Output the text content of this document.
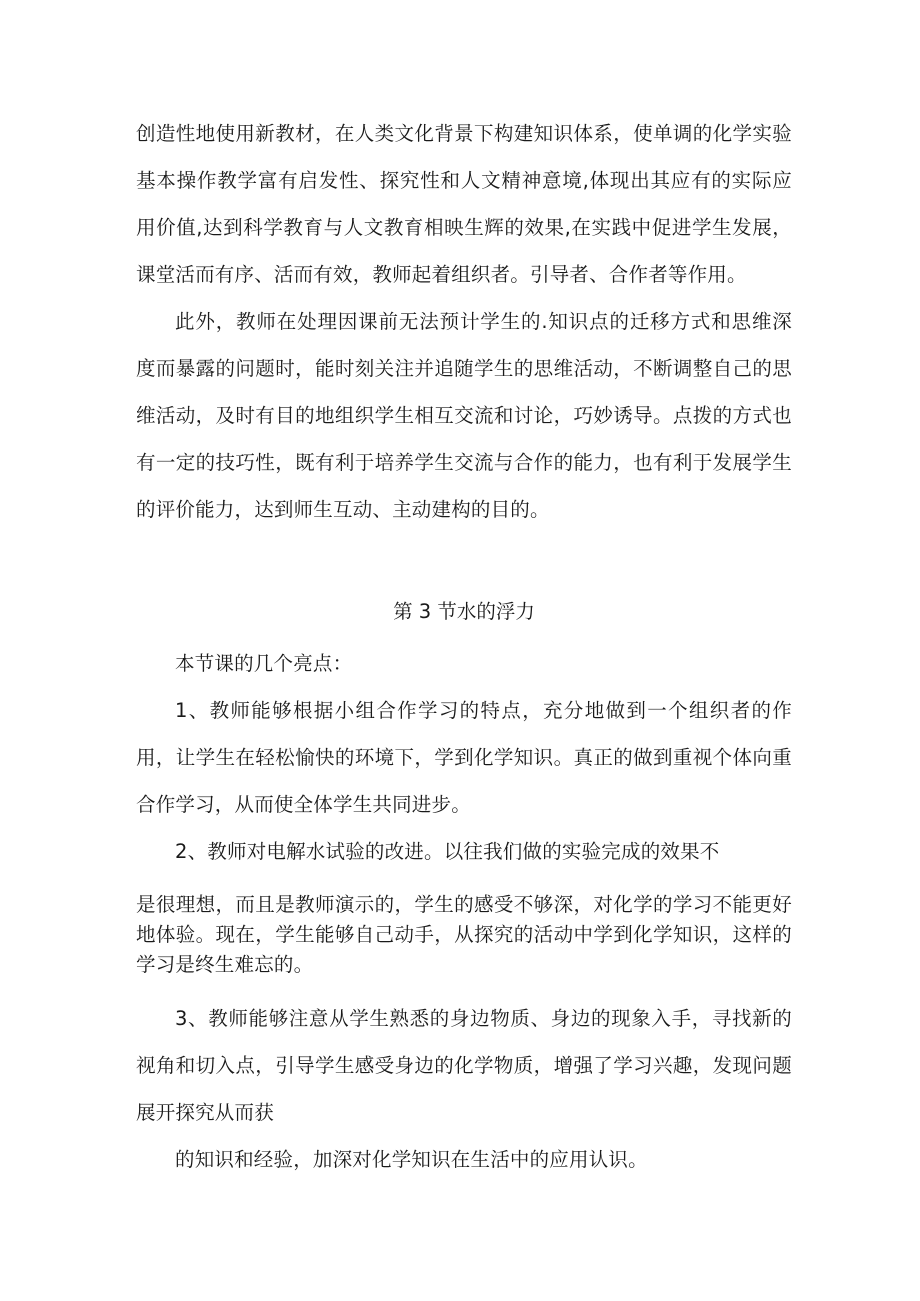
创造性地使用新教材，在人类文化背景下构建知识体系，使单调的化学实验基本操作教学富有启发性、探究性和人文精神意境,体现出其应有的实际应用价值,达到科学教育与人文教育相映生辉的效果,在实践中促进学生发展，课堂活而有序、活而有效，教师起着组织者。引导者、合作者等作用。

此外，教师在处理因课前无法预计学生的.知识点的迁移方式和思维深度而暴露的问题时，能时刻关注并追随学生的思维活动，不断调整自己的思维活动，及时有目的地组织学生相互交流和讨论，巧妙诱导。点拨的方式也有一定的技巧性，既有利于培养学生交流与合作的能力，也有利于发展学生的评价能力，达到师生互动、主动建构的目的。

第 3 节水的浮力

本节课的几个亮点：

1、教师能够根据小组合作学习的特点，充分地做到一个组织者的作用，让学生在轻松愉快的环境下，学到化学知识。真正的做到重视个体向重合作学习，从而使全体学生共同进步。

2、教师对电解水试验的改进。以往我们做的实验完成的效果不

是很理想，而且是教师演示的，学生的感受不够深，对化学的学习不能更好地体验。现在，学生能够自己动手，从探究的活动中学到化学知识，这样的学习是终生难忘的。

3、教师能够注意从学生熟悉的身边物质、身边的现象入手，寻找新的视角和切入点，引导学生感受身边的化学物质，增强了学习兴趣，发现问题展开探究从而获

的知识和经验，加深对化学知识在生活中的应用认识。
